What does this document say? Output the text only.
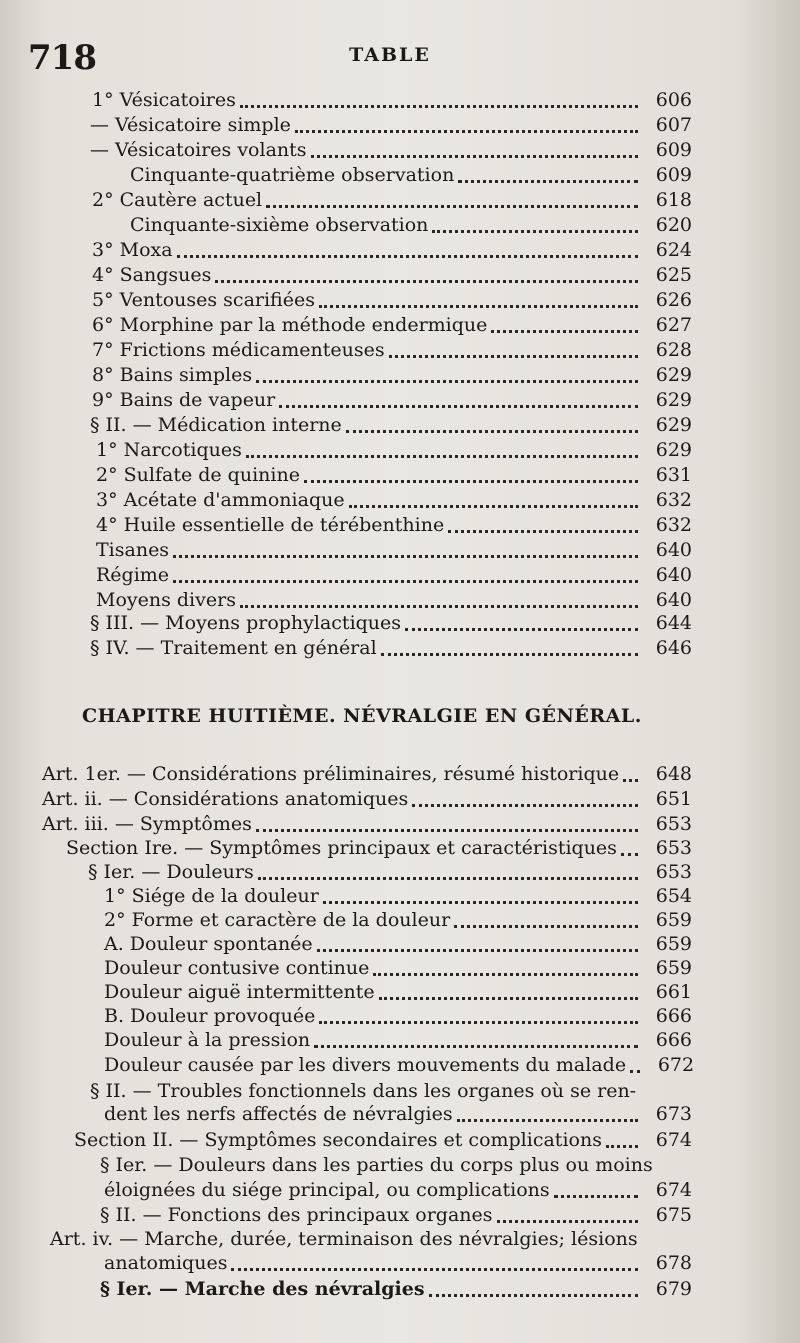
718	TABLE
1° Vésicatoires	606
— Vésicatoire simple	607
— Vésicatoires volants	609
Cinquante-quatrième observation	609
2° Cautère actuel	618
Cinquante-sixième observation	620
3° Moxa	624
4° Sangsues	625
5° Ventouses scarifiées	626
6° Morphine par la méthode endermique	627
7° Frictions médicamenteuses	628
8° Bains simples	629
9° Bains de vapeur	629
§ II. — Médication interne	629
1° Narcotiques	629
2° Sulfate de quinine	631
3° Acétate d'ammoniaque	632
4° Huile essentielle de térébenthine	632
Tisanes	640
Régime	640
Moyens divers	640
§ III. — Moyens prophylactiques	644
§ IV. — Traitement en général	646
CHAPITRE HUITIÈME. NÉVRALGIE EN GÉNÉRAL.
Art. 1er. — Considérations préliminaires, résumé historique	648
Art. ii. — Considérations anatomiques	651
Art. iii. — Symptômes	653
Section Ire. — Symptômes principaux et caractéristiques	653
§ Ier. — Douleurs	653
1° Siége de la douleur	654
2° Forme et caractère de la douleur	659
A. Douleur spontanée	659
Douleur contusive continue	659
Douleur aiguë intermittente	661
B. Douleur provoquée	666
Douleur à la pression	666
Douleur causée par les divers mouvements du malade	672
§ II. — Troubles fonctionnels dans les organes où se ren-
dent les nerfs affectés de névralgies	673
Section II. — Symptômes secondaires et complications	674
§ Ier. — Douleurs dans les parties du corps plus ou moins
éloignées du siége principal, ou complications	674
§ II. — Fonctions des principaux organes	675
Art. iv. — Marche, durée, terminaison des névralgies; lésions
anatomiques	678
§ Ier. — Marche des névralgies	679
